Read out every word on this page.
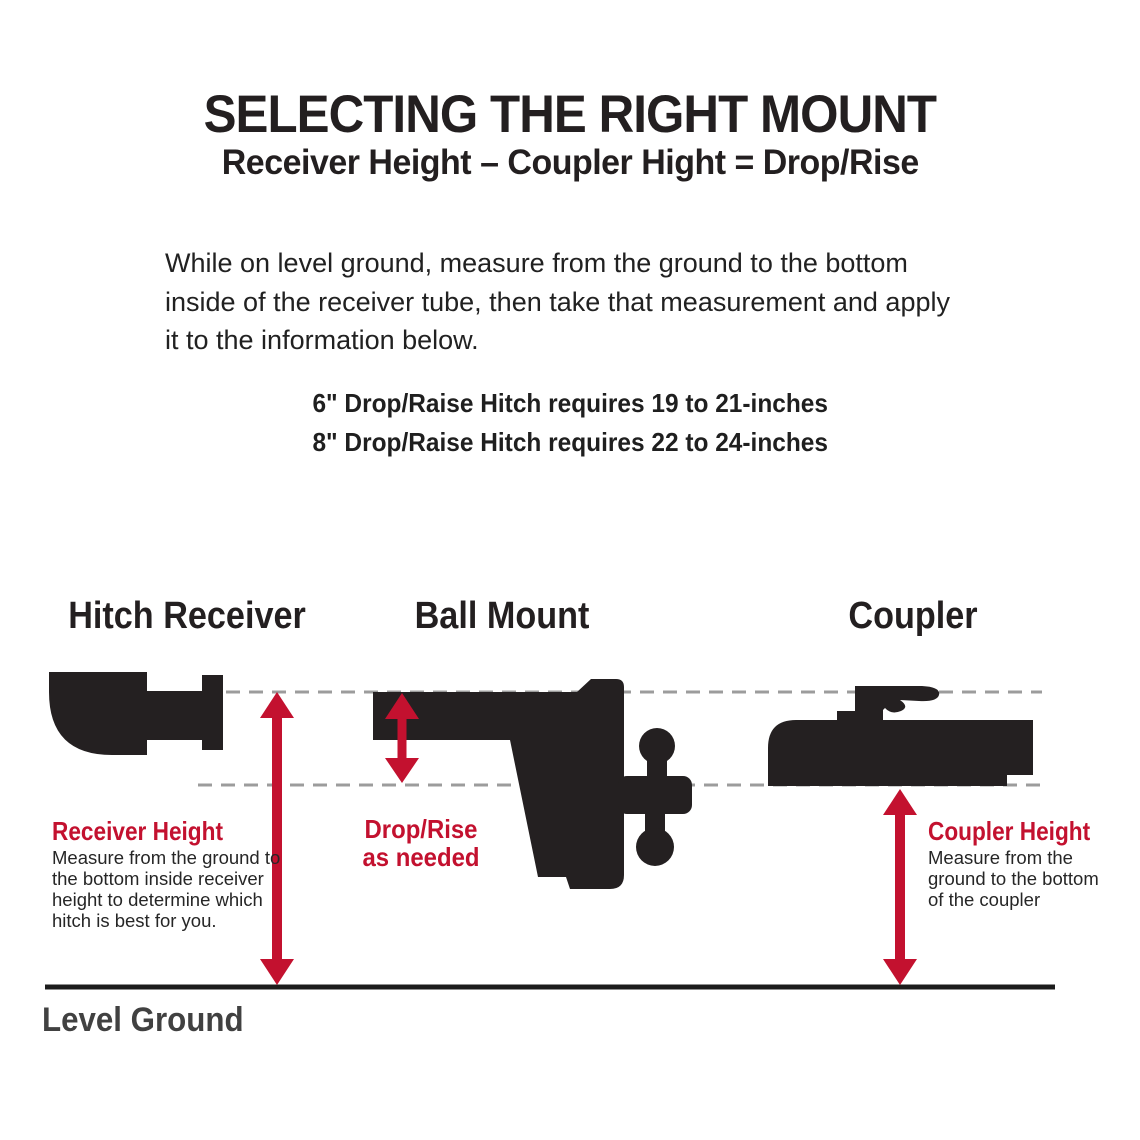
SELECTING THE RIGHT MOUNT
Receiver Height – Coupler Hight = Drop/Rise
While on level ground, measure from the ground to the bottom
inside of the receiver tube, then take that measurement and apply
it to the information below.
6" Drop/Raise Hitch requires 19 to 21-inches
8" Drop/Raise Hitch requires 22 to 24-inches
Hitch Receiver	Ball Mount	Coupler
Receiver Height
Measure from the ground to
the bottom inside receiver
height to determine which
hitch is best for you.
Drop/Rise
as needed
Coupler Height
Measure from the
ground to the bottom
of the coupler
Level Ground
